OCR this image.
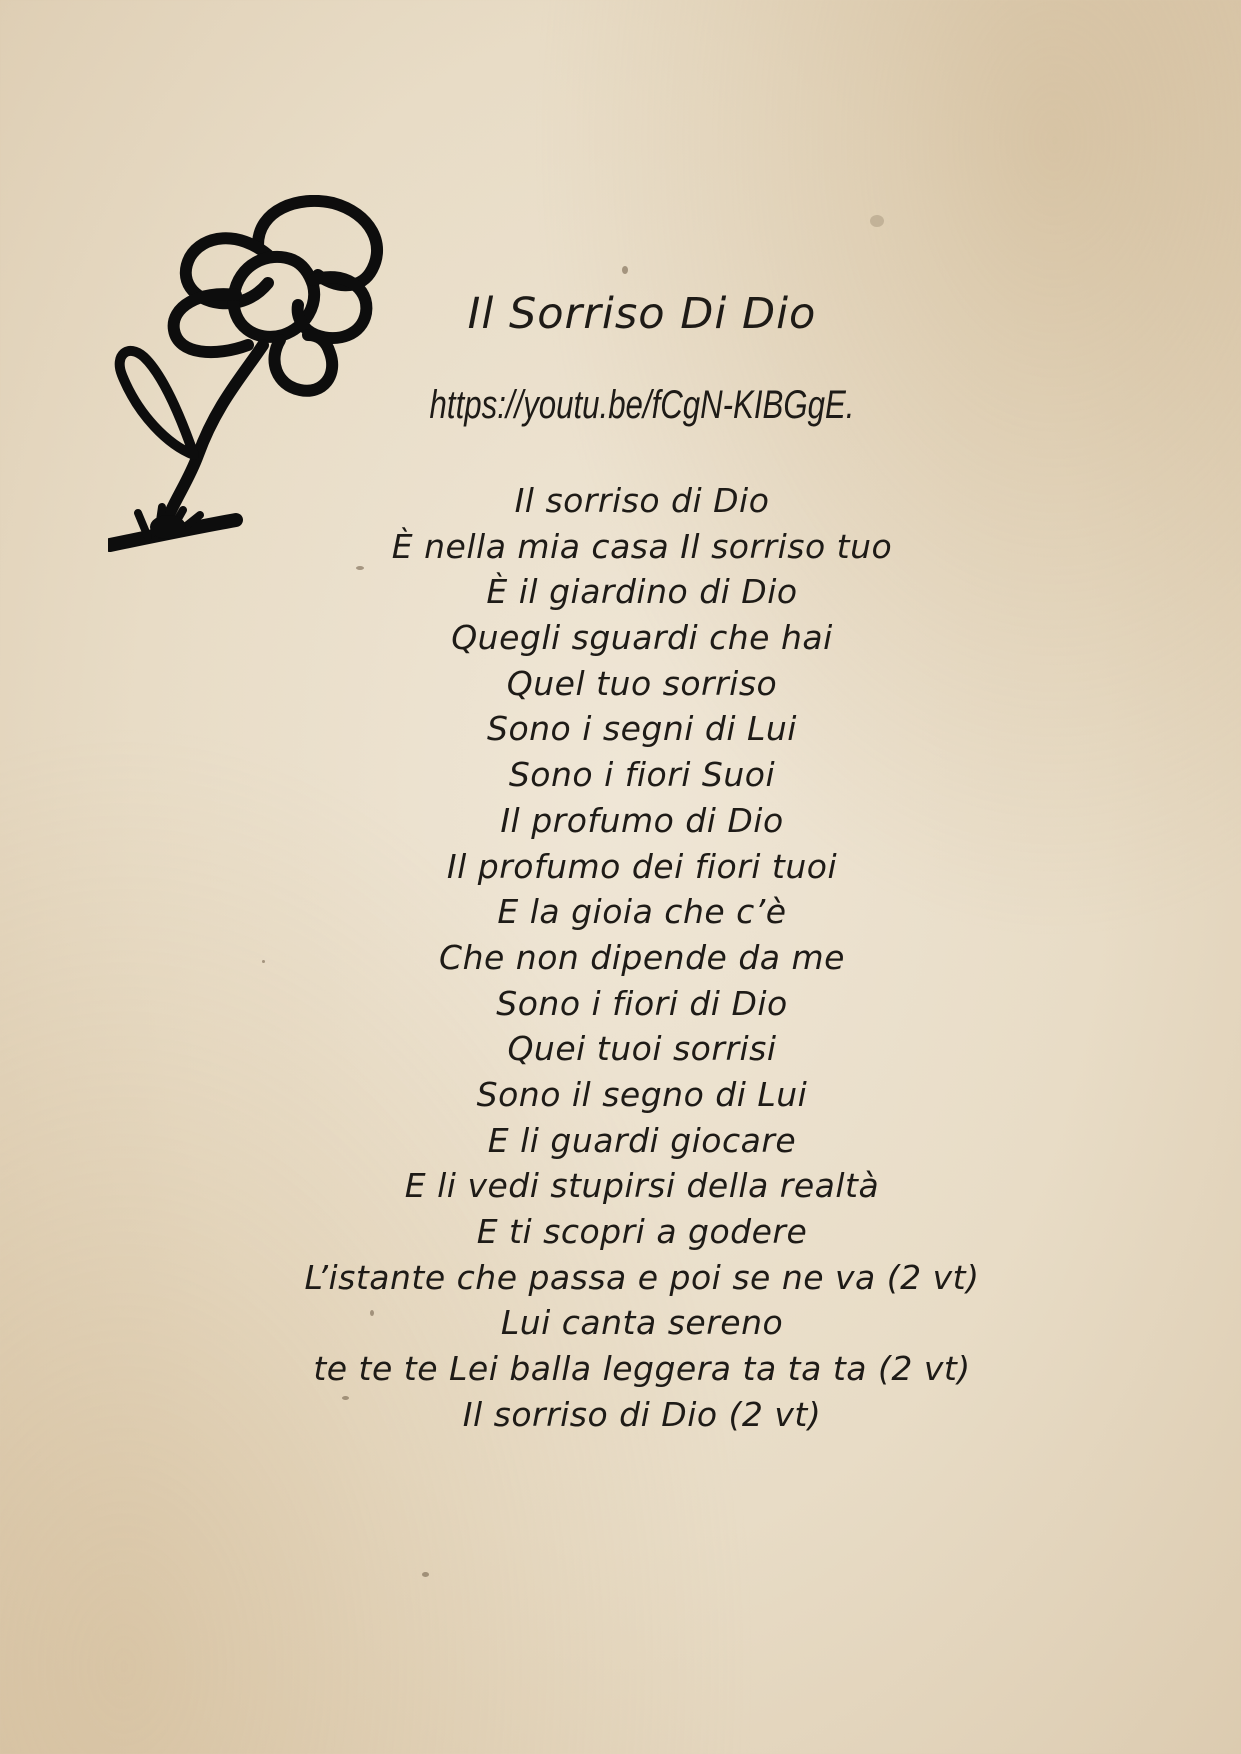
Il Sorriso Di Dio
https://youtu.be/fCgN-KIBGgE.
Il sorriso di Dio
È nella mia casa Il sorriso tuo
È il giardino di Dio
Quegli sguardi che hai
Quel tuo sorriso
Sono i segni di Lui
Sono i fiori Suoi
Il profumo di Dio
Il profumo dei fiori tuoi
E la gioia che c’è
Che non dipende da me
Sono i fiori di Dio
Quei tuoi sorrisi
Sono il segno di Lui
E li guardi giocare
E li vedi stupirsi della realtà
E ti scopri a godere
L’istante che passa e poi se ne va (2 vt)
Lui canta sereno
te te te Lei balla leggera ta ta ta (2 vt)
Il sorriso di Dio (2 vt)
